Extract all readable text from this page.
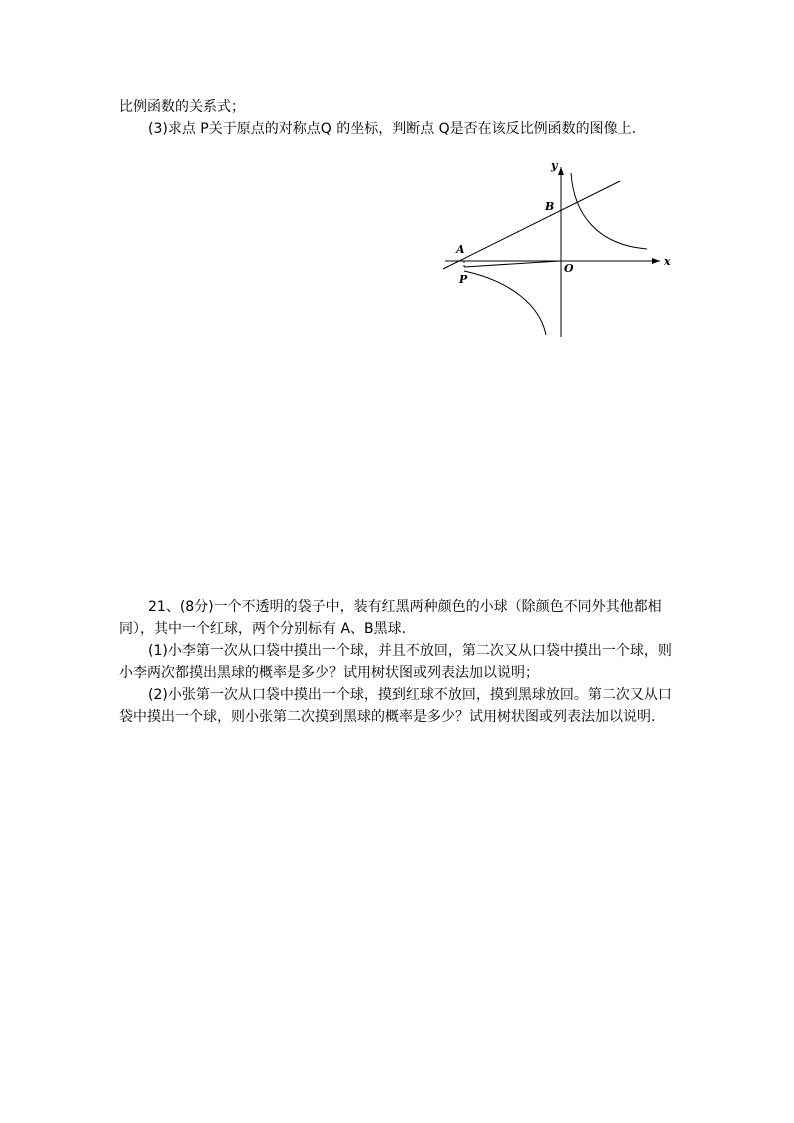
比例函数的关系式；
(3)求点 P关于原点的对称点Q 的坐标，判断点 Q是否在该反比例函数的图像上.
y
x
B
A
O
P
21、(8分)一个不透明的袋子中，装有红黑两种颜色的小球（除颜色不同外其他都相
同），其中一个红球，两个分别标有 A、B黑球.
(1)小李第一次从口袋中摸出一个球，并且不放回，第二次又从口袋中摸出一个球，则
小李两次都摸出黑球的概率是多少？试用树状图或列表法加以说明；
(2)小张第一次从口袋中摸出一个球，摸到红球不放回，摸到黑球放回。第二次又从口
袋中摸出一个球，则小张第二次摸到黑球的概率是多少？试用树状图或列表法加以说明.
